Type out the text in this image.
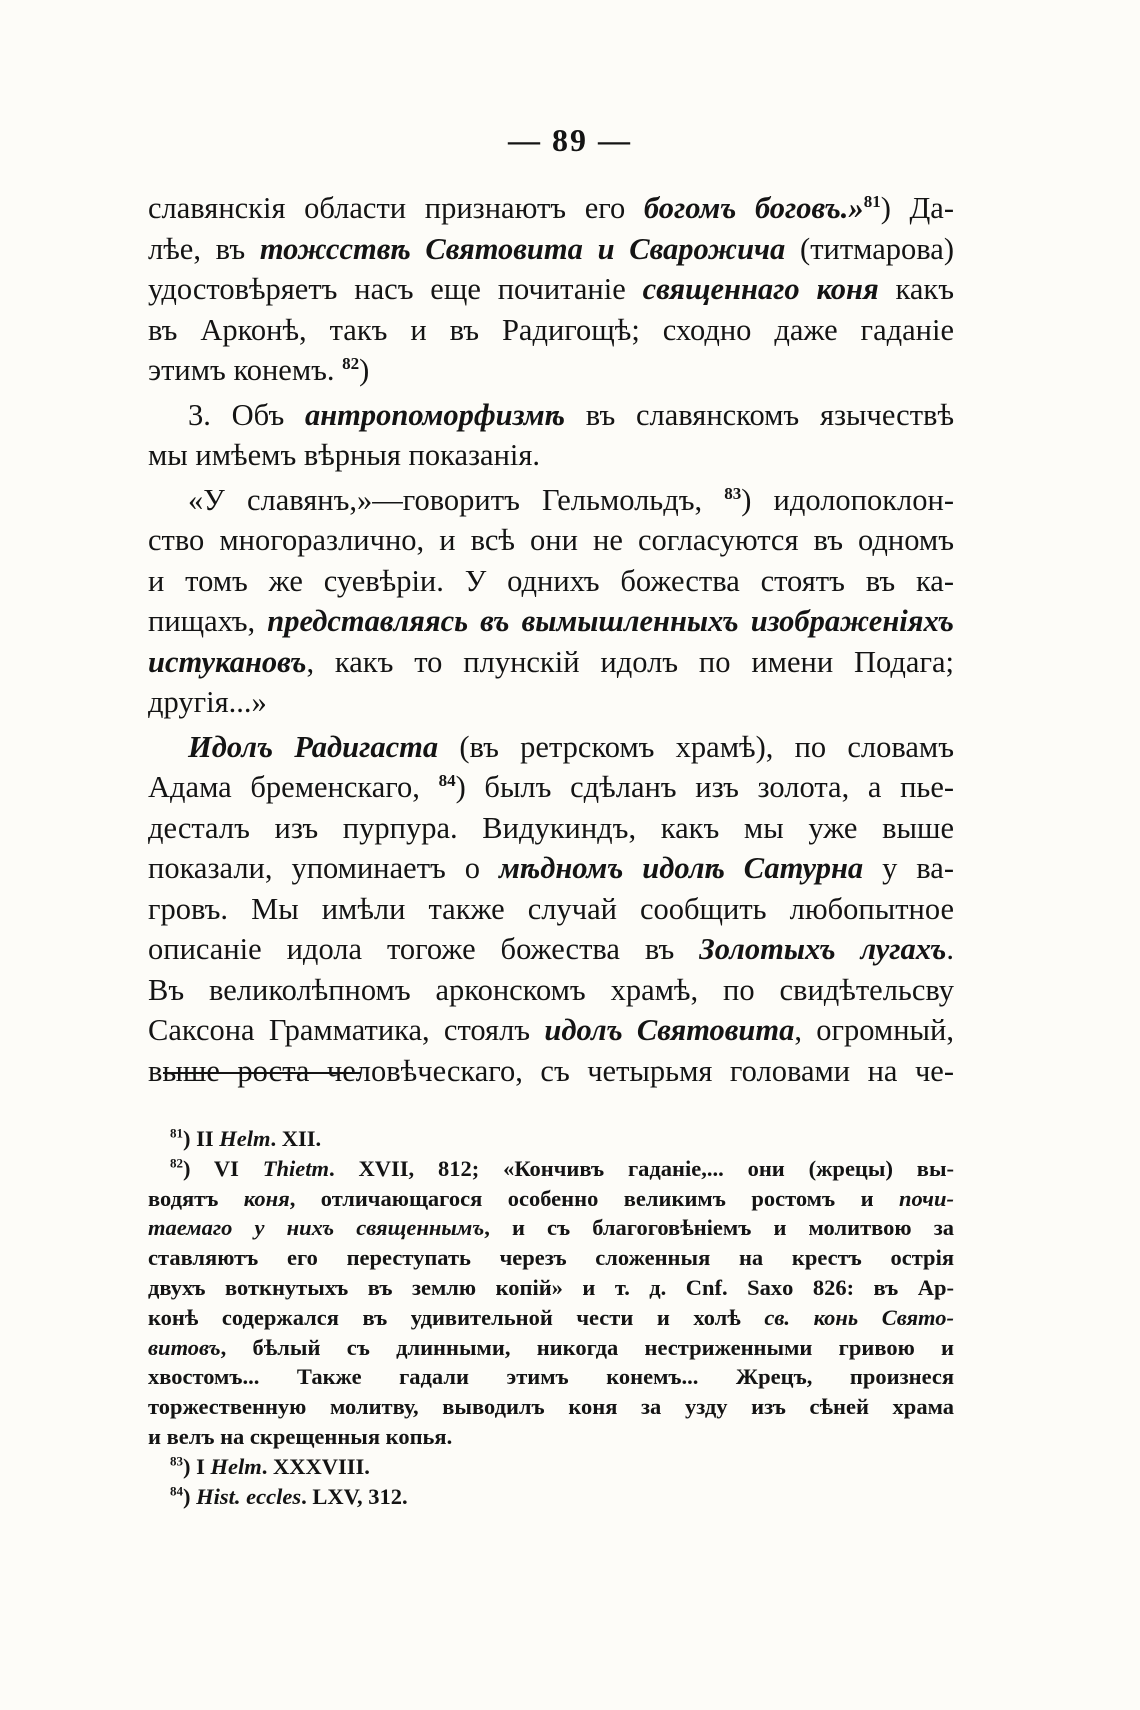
— 89 —
славянскія области признаютъ его богомъ боговъ.»$^{81}$) Да-
лѣе, въ тожсствѣ Святовита и Сварожича (титмарова)
удостовѣряетъ насъ еще почитаніе священнаго коня какъ
въ Арконѣ, такъ и въ Радигощѣ; сходно даже гаданіе
этимъ конемъ. $^{82}$)
3. Объ антропоморфизмѣ въ славянскомъ язычествѣ
мы имѣемъ вѣрныя показанія.
«У славянъ,»—говоритъ Гельмольдъ, $^{83}$) идолопоклон-
ство многоразлично, и всѣ они не согласуются въ одномъ
и томъ же суевѣріи. У однихъ божества стоятъ въ ка-
пищахъ, представляясь въ вымышленныхъ изображеніяхъ
истукановъ, какъ то плунскій идолъ по имени Подага;
другія...»
Идолъ Радигаста (въ ретрскомъ храмѣ), по словамъ
Адама бременскаго, $^{84}$) былъ сдѣланъ изъ золота, а пье-
десталъ изъ пурпура. Видукиндъ, какъ мы уже выше
показали, упоминаетъ о мѣдномъ идолѣ Сатурна у ва-
гровъ. Мы имѣли также случай сообщить любопытное
описаніе идола тогоже божества въ Золотыхъ лугахъ.
Въ великолѣпномъ арконскомъ храмѣ, по свидѣтельсву
Саксона Грамматика, стоялъ идолъ Святовита, огромный,
выше роста человѣческаго, съ четырьмя головами на че-
$^{81}$) II Helm. XII.
$^{82}$) VI Thietm. XVII, 812; «Кончивъ гаданіе,... они (жрецы) вы-
водятъ коня, отличающагося особенно великимъ ростомъ и почи-
таемаго у нихъ священнымъ, и съ благоговѣніемъ и молитвою за
ставляютъ его переступать черезъ сложенныя на крестъ острія
двухъ воткнутыхъ въ землю копій» и т. д. Cnf. Saxo 826: въ Ар-
конѣ содержался въ удивительной чести и холѣ св. конь Свято-
витовъ, бѣлый съ длинными, никогда нестриженными гривою и
хвостомъ... Также гадали этимъ конемъ... Жрецъ, произнеся
торжественную молитву, выводилъ коня за узду изъ сѣней храма
и велъ на скрещенныя копья.
$^{83}$) I Helm. XXXVIII.
$^{84}$) Hist. eccles. LXV, 312.
